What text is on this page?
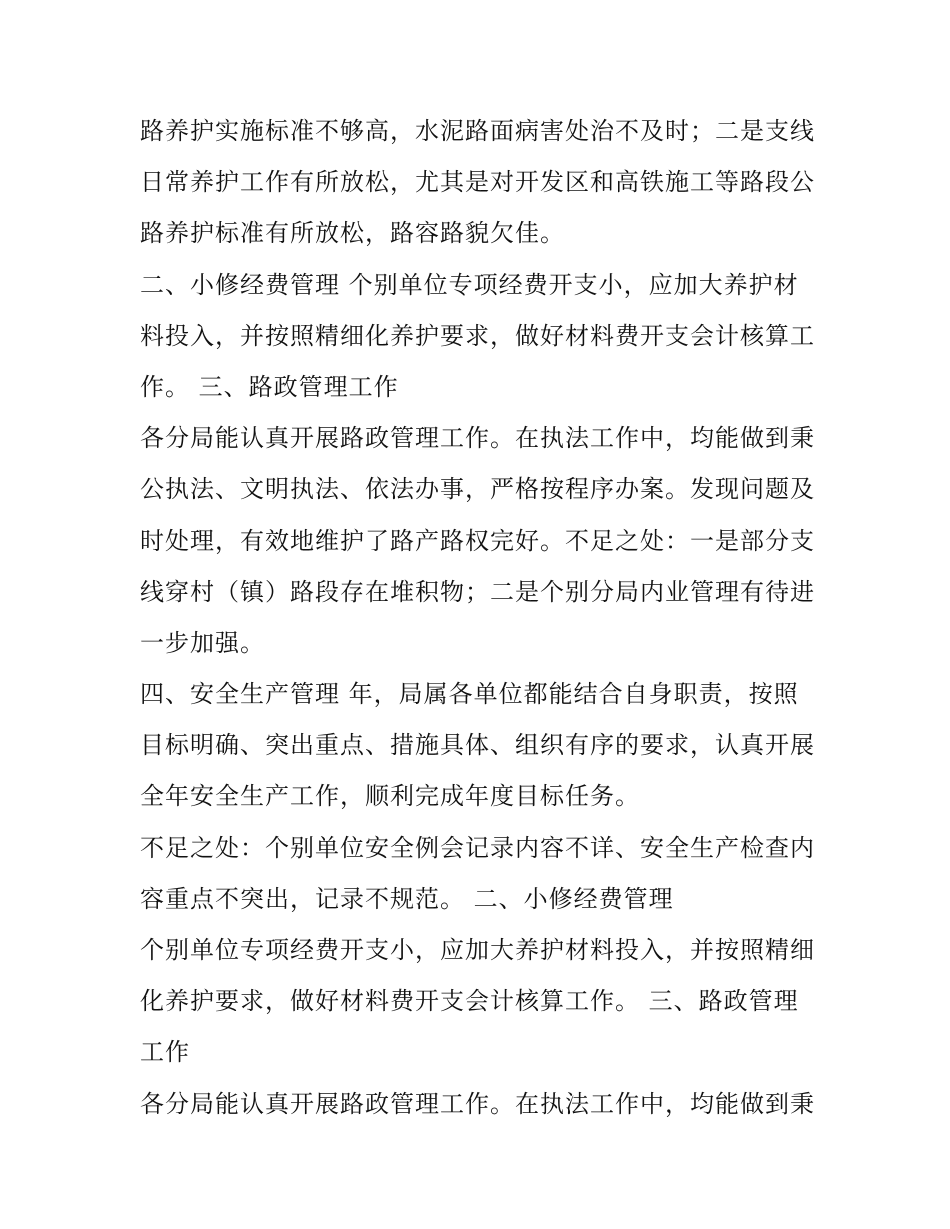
路养护实施标准不够高，水泥路面病害处治不及时；二是支线
日常养护工作有所放松，尤其是对开发区和高铁施工等路段公
路养护标准有所放松，路容路貌欠佳。
二、小修经费管理 个别单位专项经费开支小，应加大养护材
料投入，并按照精细化养护要求，做好材料费开支会计核算工
作。 三、路政管理工作
各分局能认真开展路政管理工作。在执法工作中，均能做到秉
公执法、文明执法、依法办事，严格按程序办案。发现问题及
时处理，有效地维护了路产路权完好。不足之处：一是部分支
线穿村（镇）路段存在堆积物；二是个别分局内业管理有待进
一步加强。
四、安全生产管理 年，局属各单位都能结合自身职责，按照
目标明确、突出重点、措施具体、组织有序的要求，认真开展
全年安全生产工作，顺利完成年度目标任务。
不足之处：个别单位安全例会记录内容不详、安全生产检查内
容重点不突出，记录不规范。 二、小修经费管理
个别单位专项经费开支小，应加大养护材料投入，并按照精细
化养护要求，做好材料费开支会计核算工作。 三、路政管理
工作
各分局能认真开展路政管理工作。在执法工作中，均能做到秉
